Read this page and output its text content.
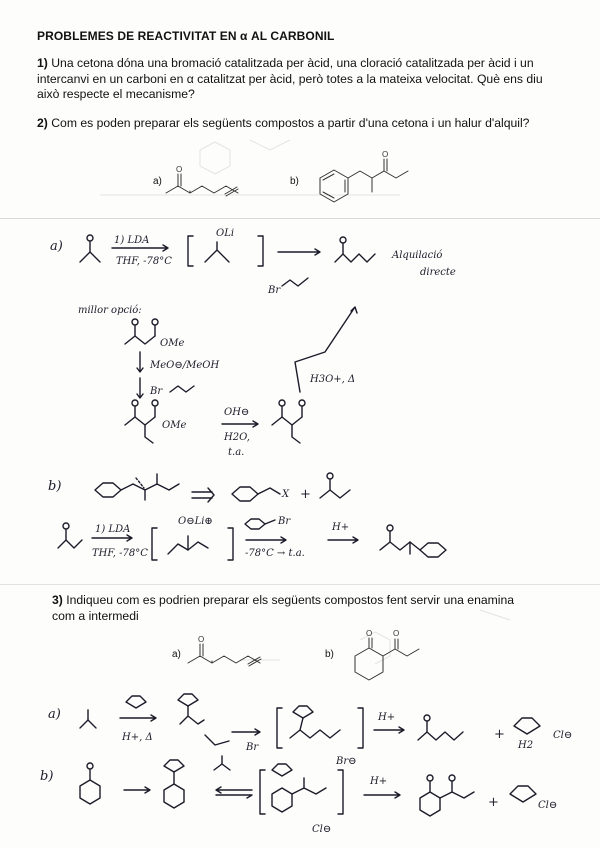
PROBLEMES DE REACTIVITAT EN α AL CARBONIL
1) Una cetona dóna una bromació catalitzada per àcid, una cloració catalitzada per àcid i un intercanvi en un carboni en α catalitzat per àcid, però totes a la mateixa velocitat. Què ens diu això respecte el mecanisme?
2) Com es poden preparar els següents compostos a partir d'una cetona i un halur d'alquil?
a)	b)
3) Indiqueu com es podrien preparar els següents compostos fent servir una enamina com a intermedi
a)	b)
O
O
O
O	O
a)	1) LDA
THF, -78°C
OLi
Alquilació
directe
Br
millor opció:
OMe
MeO⊖/MeOH
Br
OMe
OH⊖
H2O,
t.a.
H3O+, Δ
b)
X +
1) LDA
THF, -78°C
O⊖Li⊕	Br
-78°C → t.a.
H+
a)
H+, Δ
Br
Br⊖
H+
+
H2
Cl⊖
b)
Cl⊖
H+
+	Cl⊖
